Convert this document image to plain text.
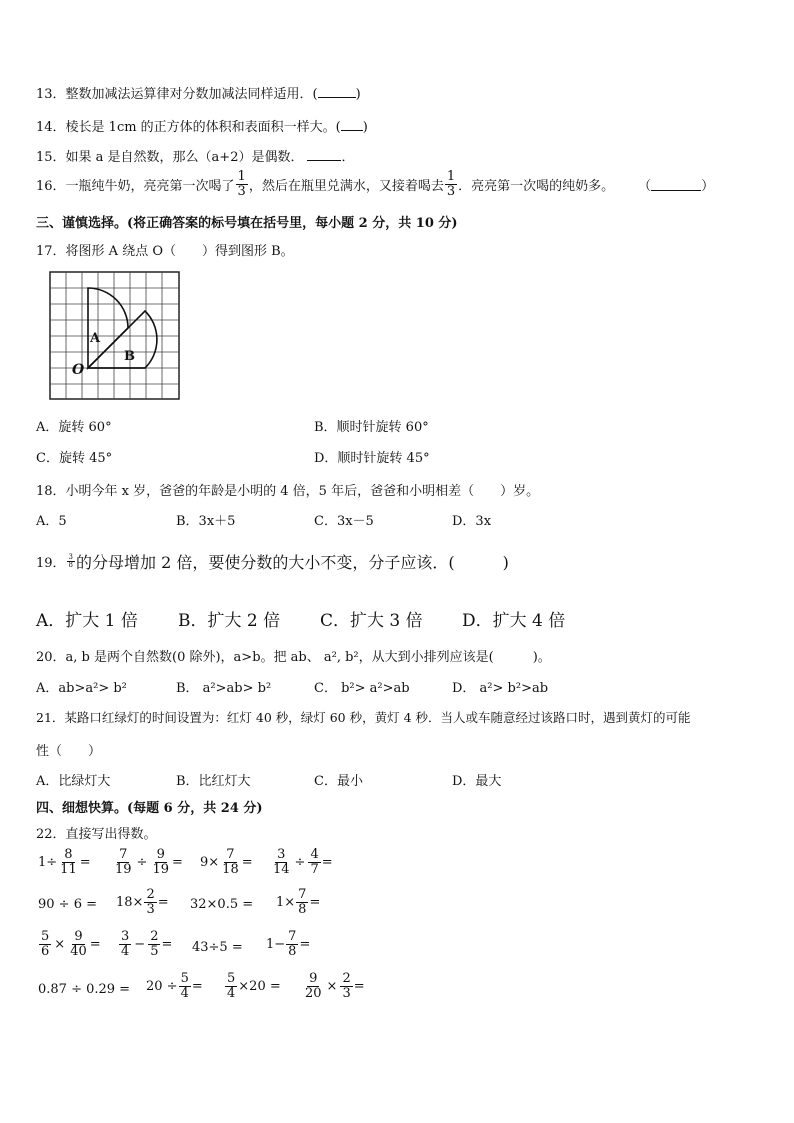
13．整数加减法运算律对分数加减法同样适用．(	)
14．棱长是 1cm 的正方体的体积和表面积一样大。( )
15．如果 a 是自然数，那么（a+2）是偶数．	．
16．一瓶纯牛奶，亮亮第一次喝了 $\frac{1}{3}$ ，然后在瓶里兑满水，又接着喝去 $\frac{1}{3}$ ．亮亮第一次喝的纯奶多。 （	）
三、谨慎选择。(将正确答案的标号填在括号里，每小题 2 分，共 10 分)
17．将图形 A 绕点 O（　　）得到图形 B。
A
B
O
A．旋转 60°	B．顺时针旋转 60°
C．旋转 45°	D．顺时针旋转 45°
18．小明今年 x 岁，爸爸的年龄是小明的 4 倍，5 年后，爸爸和小明相差（　　）岁。
A．5	B．3x＋5	C．3x－5	D．3x
19． $\frac{3}{8}$ 的分母增加 2 倍，要使分数的大小不变，分子应该．(　　　)
A．扩大 1 倍 B．扩大 2 倍 C．扩大 3 倍 D．扩大 4 倍
20．a, b 是两个自然数(0 除外)，a>b。把 ab、 a², b²，从大到小排列应该是(　　　)。
A．ab>a²> b²	B． a²>ab> b²	C． b²> a²>ab	D． a²> b²>ab
21．某路口红绿灯的时间设置为：红灯 40 秒，绿灯 60 秒，黄灯 4 秒．当人或车随意经过该路口时，遇到黄灯的可能
性（　　）
A．比绿灯大	B．比红灯大	C．最小	D．最大
四、细想快算。(每题 6 分，共 24 分)
22．直接写出得数。
$1\div \frac{8}{11} = \frac{7}{19} \div \frac{9}{19} = 9\times \frac{7}{18} = \frac{3}{14} \div \frac{4}{7}$ =
$90 \div 6 = 18\times \frac{2}{3} = 32\times 0.5 = 1\times \frac{7}{8}$ =
$\frac{5}{6} \times \frac{9}{40} = \frac{3}{4} - \frac{2}{5} = 43\div 5 = 1- \frac{7}{8}$ =
$0.87 \div 0.29 = 20 \div \frac{5}{4} = \frac{5}{4} \times 20 = \frac{9}{20} \times \frac{2}{3}$ =
